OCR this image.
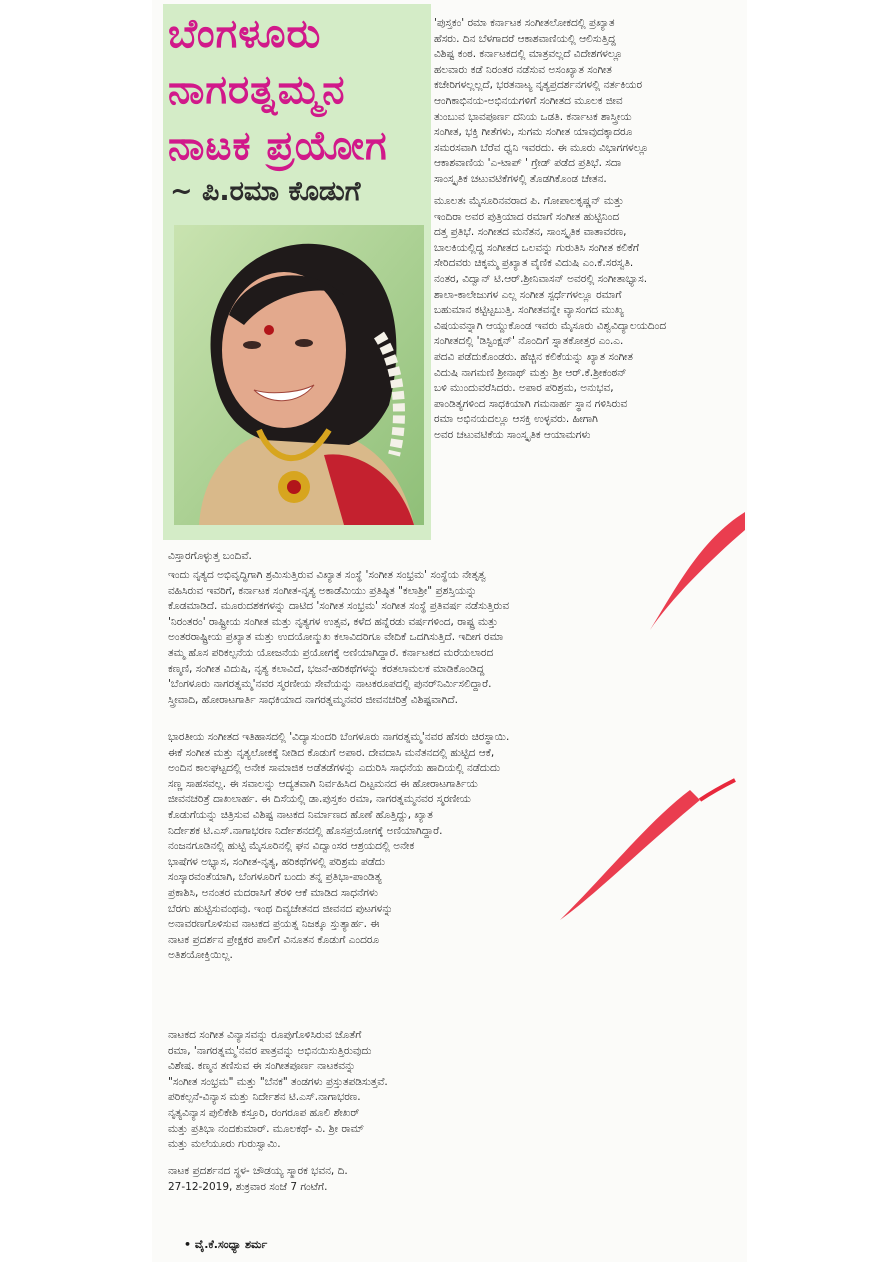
ಬೆಂಗಳೂರು
ನಾಗರತ್ನಮ್ಮನ
ನಾಟಕ ಪ್ರಯೋಗ

~ ಪಿ.ರಮಾ ಕೊಡುಗೆ

'ಪುಸ್ತಕಂ' ರಮಾ ಕರ್ನಾಟಕ ಸಂಗೀತಲೋಕದಲ್ಲಿ ಪ್ರಖ್ಯಾತ
ಹೆಸರು. ದಿನ ಬೆಳಗಾದರೆ ಆಕಾಶವಾಣಿಯಲ್ಲಿ ಆಲಿಸುತ್ತಿದ್ದ
ವಿಶಿಷ್ಟ ಕಂಠ. ಕರ್ನಾಟಕದಲ್ಲಿ ಮಾತ್ರವಲ್ಲದೆ ವಿದೇಶಗಳಲ್ಲೂ
ಹಲವಾರು ಕಡೆ ನಿರಂತರ ನಡೆಸುವ ಅಸಂಖ್ಯಾತ ಸಂಗೀತ
ಕಚೇರಿಗಳಲ್ಲಲ್ಲದೆ, ಭರತನಾಟ್ಯ ನೃತ್ಯಪ್ರದರ್ಶನಗಳಲ್ಲಿ ನರ್ತಕಿಯರ
ಆಂಗಿಕಾಭಿನಯ-ಅಭಿನಯಗಳಿಗೆ ಸಂಗೀತದ ಮೂಲಕ ಜೀವ
ತುಂಬುವ ಭಾವಪೂರ್ಣ ದನಿಯ ಒಡತಿ. ಕರ್ನಾಟಕ ಶಾಸ್ತ್ರೀಯ
ಸಂಗೀತ, ಭಕ್ತಿ ಗೀತೆಗಳು, ಸುಗಮ ಸಂಗೀತ ಯಾವುದಕ್ಕಾದರೂ
ಸಮರಸವಾಗಿ ಬೆರೆವ ಧ್ವನಿ ಇವರದು. ಈ ಮೂರು ವಿಭಾಗಗಳಲ್ಲೂ
ಆಕಾಶವಾಣಿಯ 'ಎ-ಟಾಪ್ ' ಗ್ರೇಡ್ ಪಡೆದ ಪ್ರತಿಭೆ. ಸದಾ
ಸಾಂಸ್ಕೃತಿಕ ಚಟುವಟಿಕೆಗಳಲ್ಲಿ ತೊಡಗಿಕೊಂಡ ಚೇತನ.

ಮೂಲತಃ ಮೈಸೂರಿನವರಾದ ಪಿ. ಗೋಪಾಲಕೃಷ್ಣನ್ ಮತ್ತು
ಇಂದಿರಾ ಅವರ ಪುತ್ರಿಯಾದ ರಮಾಗೆ ಸಂಗೀತ ಹುಟ್ಟಿನಿಂದ
ದತ್ತ ಪ್ರತಿಭೆ. ಸಂಗೀತದ ಮನೆತನ, ಸಾಂಸ್ಕೃತಿಕ ವಾತಾವರಣ,
ಬಾಲಕಿಯಲ್ಲಿದ್ದ ಸಂಗೀತದ ಒಲವನ್ನು ಗುರುತಿಸಿ ಸಂಗೀತ ಕಲಿಕೆಗೆ
ಸೇರಿದವರು ಚಿಕ್ಕಮ್ಮ ಪ್ರಖ್ಯಾತ ವೈಣಿಕ ವಿದುಷಿ ಎಂ.ಕೆ.ಸರಸ್ವತಿ.
ನಂತರ, ವಿದ್ವಾನ್ ಟಿ.ಆರ್.ಶ್ರೀನಿವಾಸನ್ ಅವರಲ್ಲಿ ಸಂಗೀತಾಭ್ಯಾಸ.
ಶಾಲಾ-ಕಾಲೇಜುಗಳ ಎಲ್ಲ ಸಂಗೀತ ಸ್ಪರ್ಧೆಗಳಲ್ಲೂ ರಮಾಗೆ
ಬಹುಮಾನ ಕಟ್ಟಿಟ್ಟಬುತ್ತಿ. ಸಂಗೀತವನ್ನೇ ವ್ಯಾಸಂಗದ ಮುಖ್ಯ
ವಿಷಯವನ್ನಾಗಿ ಆಯ್ದುಕೊಂಡ ಇವರು ಮೈಸೂರು ವಿಶ್ವವಿದ್ಯಾಲಯದಿಂದ
ಸಂಗೀತದಲ್ಲಿ 'ಡಿಸ್ಟಿಂಕ್ಷನ್' ನೊಂದಿಗೆ ಸ್ನಾತಕೋತ್ತರ ಎಂ.ಎ.
ಪದವಿ ಪಡೆದುಕೊಂಡರು. ಹೆಚ್ಚಿನ ಕಲಿಕೆಯನ್ನು ಖ್ಯಾತ ಸಂಗೀತ
ವಿದುಷಿ ನಾಗಮಣಿ ಶ್ರೀನಾಥ್ ಮತ್ತು ಶ್ರೀ ಆರ್.ಕೆ.ಶ್ರೀಕಂಠನ್
ಬಳಿ ಮುಂದುವರೆಸಿದರು. ಅಪಾರ ಪರಿಶ್ರಮ, ಅನುಭವ,
ಪಾಂಡಿತ್ಯಗಳಿಂದ ಸಾಧಕಿಯಾಗಿ ಗಮನಾರ್ಹ ಸ್ಥಾನ ಗಳಿಸಿರುವ
ರಮಾ ಅಭಿನಯದಲ್ಲೂ ಆಸಕ್ತಿ ಉಳ್ಳವರು. ಹೀಗಾಗಿ
ಅವರ ಚಟುವಟಿಕೆಯ ಸಾಂಸ್ಕೃತಿಕ ಆಯಾಮಗಳು

ವಿಸ್ತಾರಗೊಳ್ಳುತ್ತ ಬಂದಿವೆ.

ಇಂದು ನೃತ್ಯದ ಅಭಿವೃದ್ಧಿಗಾಗಿ ಶ್ರಮಿಸುತ್ತಿರುವ ವಿಖ್ಯಾತ ಸಂಸ್ಥೆ 'ಸಂಗೀತ ಸಂಭ್ರಮ' ಸಂಸ್ಥೆಯ ನೇತೃತ್ವ
ವಹಿಸಿರುವ ಇವರಿಗೆ, ಕರ್ನಾಟಕ ಸಂಗೀತ-ನೃತ್ಯ ಅಕಾಡೆಮಿಯು ಪ್ರತಿಷ್ಠಿತ "ಕಲಾಶ್ರೀ" ಪ್ರಶಸ್ತಿಯನ್ನು
ಕೊಡಮಾಡಿದೆ. ಮೂರುದಶಕಗಳನ್ನು ದಾಟಿದ 'ಸಂಗೀತ ಸಂಭ್ರಮ' ಸಂಗೀತ ಸಂಸ್ಥೆ ಪ್ರತಿವರ್ಷ ನಡೆಸುತ್ತಿರುವ
'ನಿರಂತರಂ' ರಾಷ್ಟ್ರೀಯ ಸಂಗೀತ ಮತ್ತು ನೃತ್ಯಗಳ ಉತ್ಸವ, ಕಳೆದ ಹನ್ನೆರಡು ವರ್ಷಗಳಿಂದ, ರಾಷ್ಟ್ರ ಮತ್ತು
ಅಂತರರಾಷ್ಟ್ರೀಯ ಪ್ರಖ್ಯಾತ ಮತ್ತು ಉದಯೋನ್ಮುಖ ಕಲಾವಿದರಿಗೂ ವೇದಿಕೆ ಒದಗಿಸುತ್ತಿದೆ. ಇದೀಗ ರಮಾ
ತಮ್ಮ ಹೊಸ ಪರಿಕಲ್ಪನೆಯ ಯೋಜನೆಯ ಪ್ರಯೋಗಕ್ಕೆ ಅಣಿಯಾಗಿದ್ದಾರೆ. ಕರ್ನಾಟಕದ ಮರೆಯಲಾರದ
ಕಣ್ಮಣಿ, ಸಂಗೀತ ವಿದುಷಿ, ನೃತ್ಯ ಕಲಾವಿದೆ, ಭಜನೆ-ಹರಿಕಥೆಗಳನ್ನು ಕರತಲಾಮಲಕ ಮಾಡಿಕೊಂಡಿದ್ದ
'ಬೆಂಗಳೂರು ನಾಗರತ್ನಮ್ಮ'ನವರ ಸ್ಮರಣೀಯ ಸೇವೆಯನ್ನು ನಾಟಕರೂಪದಲ್ಲಿ ಪುನರ್‌ನಿರ್ಮಿಸಲಿದ್ದಾರೆ.
ಸ್ತ್ರೀವಾದಿ, ಹೋರಾಟಗಾರ್ತಿ ಸಾಧಕಿಯಾದ ನಾಗರತ್ನಮ್ಮನವರ ಜೀವನಚರಿತ್ರೆ ವಿಶಿಷ್ಟವಾಗಿದೆ.

ಭಾರತೀಯ ಸಂಗೀತದ ಇತಿಹಾಸದಲ್ಲಿ 'ವಿದ್ಯಾಸುಂದರಿ ಬೆಂಗಳೂರು ನಾಗರತ್ನಮ್ಮ'ನವರ ಹೆಸರು ಚಿರಸ್ಥಾಯಿ.
ಈಕೆ ಸಂಗೀತ ಮತ್ತು ನೃತ್ಯಲೋಕಕ್ಕೆ ನೀಡಿದ ಕೊಡುಗೆ ಅಪಾರ. ದೇವದಾಸಿ ಮನೆತನದಲ್ಲಿ ಹುಟ್ಟಿದ ಆಕೆ,
ಅಂದಿನ ಕಾಲಘಟ್ಟದಲ್ಲಿ ಅನೇಕ ಸಾಮಾಜಿಕ ಅಡೆತಡೆಗಳನ್ನು ಎದುರಿಸಿ ಸಾಧನೆಯ ಹಾದಿಯಲ್ಲಿ ನಡೆದುದು
ಸಣ್ಣ ಸಾಹಸವಲ್ಲ. ಈ ಸವಾಲನ್ನು ಆದ್ಯತವಾಗಿ ನಿರ್ವಹಿಸಿದ ದಿಟ್ಟಮನದ ಈ ಹೋರಾಟಗಾರ್ತಿಯ
ಜೀವನಚರಿತ್ರೆ ದಾಖಲಾರ್ಹ. ಈ ದಿಸೆಯಲ್ಲಿ ಡಾ.ಪುಸ್ತಕಂ ರಮಾ, ನಾಗರತ್ನಮ್ಮನವರ ಸ್ಮರಣೀಯ
ಕೊಡುಗೆಯನ್ನು ಚಿತ್ರಿಸುವ ವಿಶಿಷ್ಟ ನಾಟಕದ ನಿರ್ಮಾಣದ ಹೊಣೆ ಹೊತ್ತಿದ್ದು, ಖ್ಯಾತ
ನಿರ್ದೇಶಕ ಟಿ.ಎಸ್.ನಾಗಾಭರಣ ನಿರ್ದೇಶನದಲ್ಲಿ ಹೊಸಪ್ರಯೋಗಕ್ಕೆ ಅಣಿಯಾಗಿದ್ದಾರೆ.
ನಂಜನಗೂಡಿನಲ್ಲಿ ಹುಟ್ಟಿ ಮೈಸೂರಿನಲ್ಲಿ ಘನ ವಿದ್ವಾಂಸರ ಆಶ್ರಯದಲ್ಲಿ ಅನೇಕ
ಭಾಷೆಗಳ ಅಭ್ಯಾಸ, ಸಂಗೀತ-ನೃತ್ಯ, ಹರಿಕಥೆಗಳಲ್ಲಿ ಪರಿಶ್ರಮ ಪಡೆದು
ಸಂಸ್ಕಾರವಂತೆಯಾಗಿ, ಬೆಂಗಳೂರಿಗೆ ಬಂದು ತನ್ನ ಪ್ರತಿಭಾ-ಪಾಂಡಿತ್ಯ
ಪ್ರಕಾಶಿಸಿ, ಅನಂತರ ಮದರಾಸಿಗೆ ತೆರಳಿ ಆಕೆ ಮಾಡಿದ ಸಾಧನೆಗಳು
ಬೆರಗು ಹುಟ್ಟಿಸುವಂಥವು. ಇಂಥ ದಿವ್ಯಚೇತನದ ಜೀವನದ ಪುಟಗಳನ್ನು
ಅನಾವರಣಗೊಳಿಸುವ ನಾಟಕದ ಪ್ರಯತ್ನ ನಿಜಕ್ಕೂ ಸ್ತುತ್ಯಾರ್ಹ. ಈ
ನಾಟಕ ಪ್ರದರ್ಶನ ಪ್ರೇಕ್ಷಕರ ಪಾಲಿಗೆ ವಿನೂತನ ಕೊಡುಗೆ ಎಂದರೂ
ಅತಿಶಯೋಕ್ತಿಯಿಲ್ಲ.

ನಾಟಕದ ಸಂಗೀತ ವಿನ್ಯಾಸವನ್ನು ರೂಪುಗೊಳಿಸಿರುವ ಜೊತೆಗೆ
ರಮಾ, 'ನಾಗರತ್ನಮ್ಮ'ನವರ ಪಾತ್ರವನ್ನು ಅಭಿನಯಿಸುತ್ತಿರುವುದು
ವಿಶೇಷ. ಕಣ್ಮನ ತಣಿಸುವ ಈ ಸಂಗೀತಪೂರ್ಣ ನಾಟಕವನ್ನು
"ಸಂಗೀತ ಸಂಭ್ರಮ" ಮತ್ತು "ಬೆನಕ" ತಂಡಗಳು ಪ್ರಸ್ತುತಪಡಿಸುತ್ತವೆ.
ಪರಿಕಲ್ಪನೆ-ವಿನ್ಯಾಸ ಮತ್ತು ನಿರ್ದೇಶನ ಟಿ.ಎಸ್.ನಾಗಾಭರಣ.
ನೃತ್ಯವಿನ್ಯಾಸ ಪುಲಿಕೇಶಿ ಕಸ್ತೂರಿ, ರಂಗರೂಪ ಹೂಲಿ ಶೇಖರ್
ಮತ್ತು ಪ್ರತಿಭಾ ನಂದಕುಮಾರ್. ಮೂಲಕಥೆ- ವಿ. ಶ್ರೀ ರಾಮ್
ಮತ್ತು ಮಲೆಯೂರು ಗುರುಸ್ವಾಮಿ.

ನಾಟಕ ಪ್ರದರ್ಶನದ ಸ್ಥಳ- ಚೌಡಯ್ಯ ಸ್ಮಾರಕ ಭವನ, ದಿ.
27-12-2019, ಶುಕ್ರವಾರ ಸಂಜೆ 7 ಗಂಟೆಗೆ.

• ವೈ.ಕೆ.ಸಂಧ್ಯಾ ಶರ್ಮ
